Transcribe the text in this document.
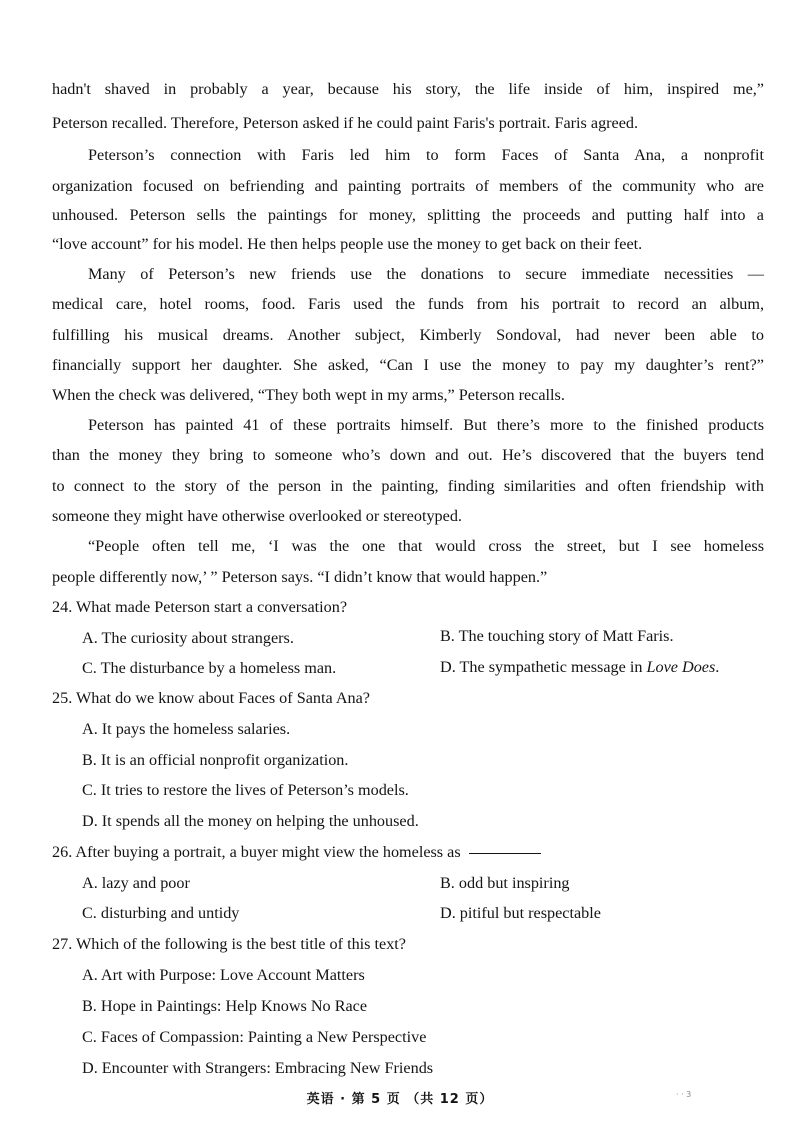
hadn't shaved in probably a year, because his story, the life inside of him, inspired me,”
Peterson recalled. Therefore, Peterson asked if he could paint Faris's portrait. Faris agreed.
Peterson’s connection with Faris led him to form Faces of Santa Ana, a nonprofit
organization focused on befriending and painting portraits of members of the community who are
unhoused. Peterson sells the paintings for money, splitting the proceeds and putting half into a
“love account” for his model. He then helps people use the money to get back on their feet.
Many of Peterson’s new friends use the donations to secure immediate necessities —
medical care, hotel rooms, food. Faris used the funds from his portrait to record an album,
fulfilling his musical dreams. Another subject, Kimberly Sondoval, had never been able to
financially support her daughter. She asked, “Can I use the money to pay my daughter’s rent?”
When the check was delivered, “They both wept in my arms,” Peterson recalls.
Peterson has painted 41 of these portraits himself. But there’s more to the finished products
than the money they bring to someone who’s down and out. He’s discovered that the buyers tend
to connect to the story of the person in the painting, finding similarities and often friendship with
someone they might have otherwise overlooked or stereotyped.
“People often tell me, ‘I was the one that would cross the street, but I see homeless
people differently now,’ ” Peterson says. “I didn’t know that would happen.”
24. What made Peterson start a conversation?
A. The curiosity about strangers.	B. The touching story of Matt Faris.
C. The disturbance by a homeless man.	D. The sympathetic message in Love Does.
25. What do we know about Faces of Santa Ana?
A. It pays the homeless salaries.
B. It is an official nonprofit organization.
C. It tries to restore the lives of Peterson’s models.
D. It spends all the money on helping the unhoused.
26. After buying a portrait, a buyer might view the homeless as
A. lazy and poor	B. odd but inspiring
C. disturbing and untidy	D. pitiful but respectable
27. Which of the following is the best title of this text?
A. Art with Purpose: Love Account Matters
B. Hope in Paintings: Help Knows No Race
C. Faces of Compassion: Painting a New Perspective
D. Encounter with Strangers: Embracing New Friends
英语 · 第 5 页 （共 12 页）	· · 3
